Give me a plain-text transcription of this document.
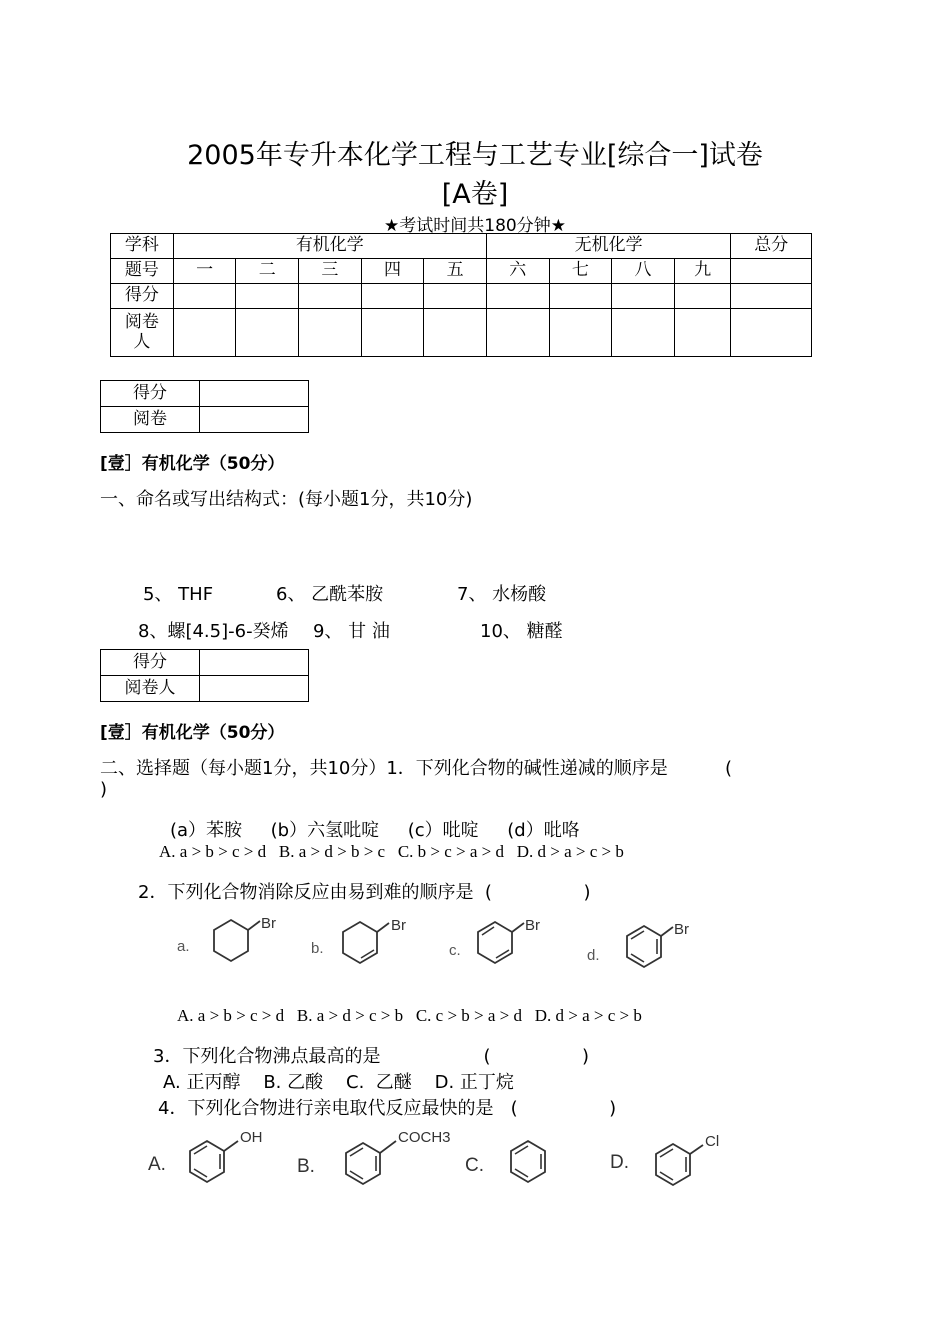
2005年专升本化学工程与工艺专业[综合一]试卷
[A卷]
★考试时间共180分钟★
学科	有机化学					无机化学				总分
题号	一	二	三	四	五	六	七	八	九	
得分										
阅卷人										
得分	
阅卷	
[壹］有机化学（50分）
一、命名或写出结构式：(每小题1分，共10分)
5、 THF	6、 乙酰苯胺	7、 水杨酸
8、螺[4.5]-6-癸烯 9、 甘 油	10、 糖醛
得分	
阅卷人	
[壹］有机化学（50分）
二、选择题（每小题1分，共10分）1．下列化合物的碱性递减的顺序是          (
)
(a）苯胺     (b）六氢吡啶     (c）吡啶     (d）吡咯
A. a > b > c > d   B. a > d > b > c   C. b > c > a > d   D. d > a > c > b
2．下列化合物消除反应由易到难的顺序是  (                )
a.
Br
b.
Br
c.
Br
d.
Br
A. a > b > c > d   B. a > d > c > b   C. c > b > a > d   D. d > a > c > b
3．下列化合物沸点最高的是                  (                )
A. 正丙醇    B. 乙酸    C.  乙醚    D. 正丁烷
4．下列化合物进行亲电取代反应最快的是   (                )
A.
OH
B.
COCH3
C.	D.
Cl
